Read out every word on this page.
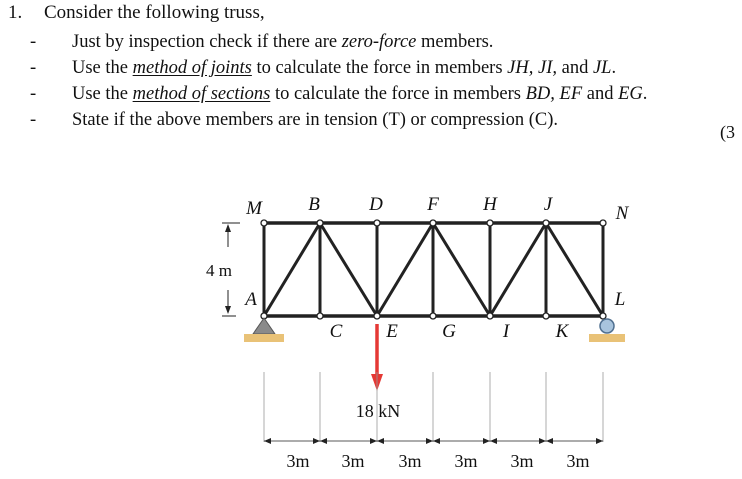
1. Consider the following truss,
- Just by inspection check if there are zero-force members.
- Use the method of joints to calculate the force in members JH, JI, and JL.
- Use the method of sections to calculate the force in members BD, EF and EG.
- State if the above members are in tension (T) or compression (C).
(3
M B	D F H J	N
A
C E G I K
L
4 m
18 kN
3m 3m 3m 3m 3m 3m
